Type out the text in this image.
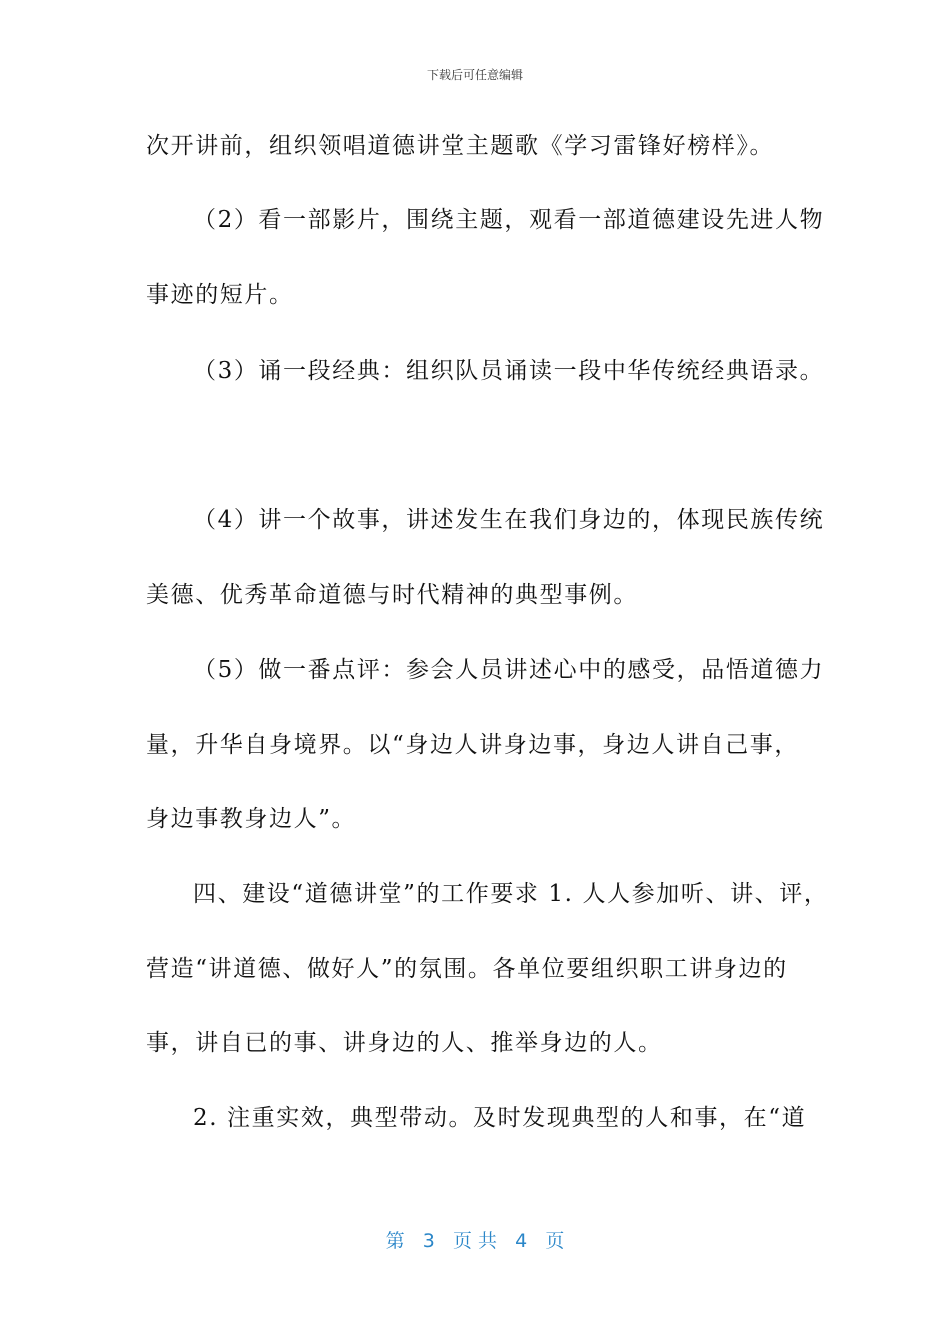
下载后可任意编辑
次开讲前，组织领唱道德讲堂主题歌《学习雷锋好榜样》。
（2）看一部影片，围绕主题，观看一部道德建设先进人物
事迹的短片。
（3）诵一段经典：组织队员诵读一段中华传统经典语录。
（4）讲一个故事，讲述发生在我们身边的，体现民族传统
美德、优秀革命道德与时代精神的典型事例。
（5）做一番点评：参会人员讲述心中的感受，品悟道德力
量，升华自身境界。以“身边人讲身边事，身边人讲自己事，
身边事教身边人”。
四、建设“道德讲堂”的工作要求 1. 人人参加听、讲、评，
营造“讲道德、做好人”的氛围。各单位要组织职工讲身边的
事，讲自已的事、讲身边的人、推举身边的人。
2. 注重实效，典型带动。及时发现典型的人和事，在“道
第 3 页 共 4 页
